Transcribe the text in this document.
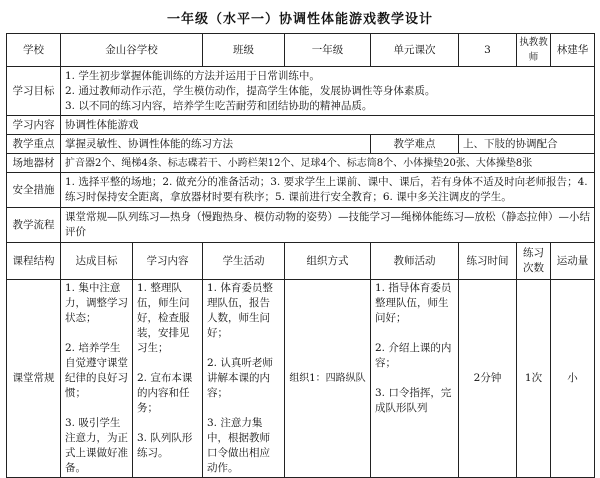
一年级（水平一）协调性体能游戏教学设计
学校	金山谷学校		班级	一年级	单元课次	3	执教教师	林建华
学习目标	1. 学生初步掌握体能训练的方法并运用于日常训练中。
2. 通过教师动作示范，学生模仿动作，提高学生体能，发展协调性等身体素质。
3. 以不同的练习内容，培养学生吃苦耐劳和团结协助的精神品质。							

学习内容	协调性体能游戏							
教学重点	掌握灵敏性、协调性体能的练习方法				教学难点	上、下肢的协调配合		
场地器材	扩音器2个、绳梯4条、标志碟若干、小跨栏架12个、足球4个、标志筒8个、小体操垫20张、大体操垫8张							
安全措施	1. 选择平整的场地；2. 做充分的准备活动；3. 要求学生上课前、课中、课后，若有身体不适及时向老师报告；4. 练习时保持安全距离，拿放器材时要有秩序；5. 课前进行安全教育；6. 课中多关注调皮的学生。							
教学流程	课堂常规—队列练习—热身（慢跑热身、模仿动物的姿势）—技能学习—绳梯体能练习—放松（静态拉伸）—小结评价							
课程结构	达成目标	学习内容	学生活动	组织方式	教师活动	练习时间	练习次数	运动量
课堂常规	1. 集中注意力，调整学习状态；

2. 培养学生自觉遵守课堂纪律的良好习惯；

3. 吸引学生注意力，为正式上课做好准备。	1. 整理队伍，师生问好，检查服装，安排见习生；

2. 宣布本课的内容和任务；

3. 队列队形练习。	1. 体育委员整理队伍，报告人数，师生问好；

2. 认真听老师讲解本课的内容；

3. 注意力集中，根据教师口令做出相应动作。	组织1：四路纵队	1. 指导体育委员整理队伍，师生问好；

2. 介绍上课的内容；

3. 口令指挥，完成队形队列	2分钟	1次	小
